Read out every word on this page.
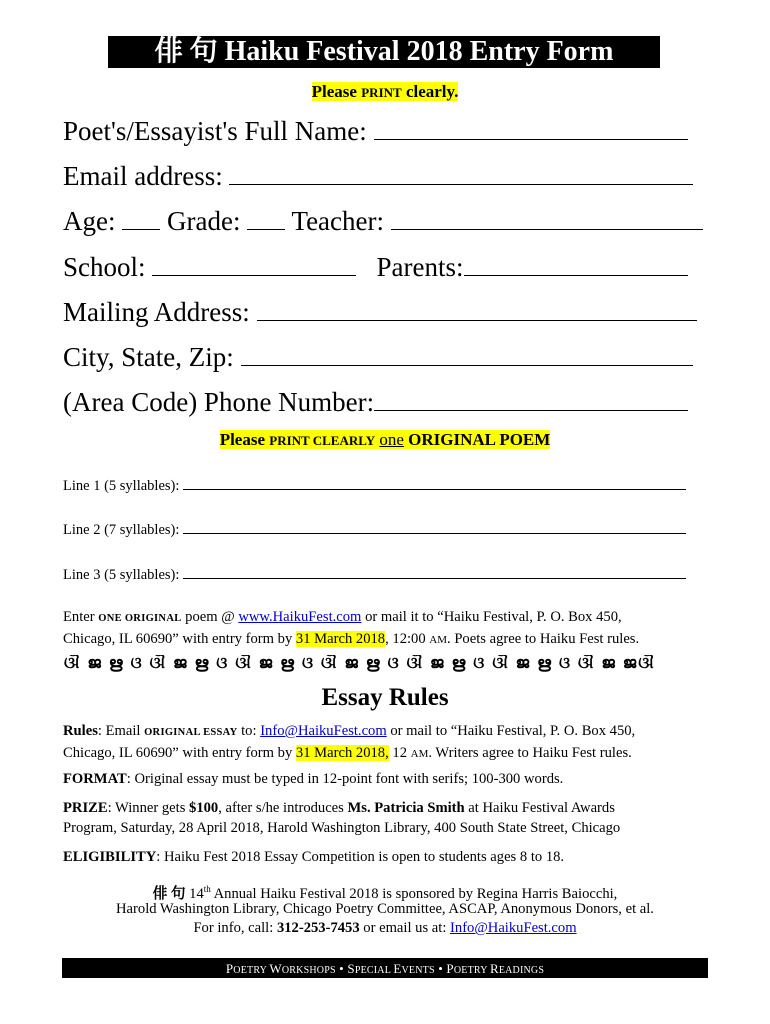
俳 句 Haiku Festival 2018 Entry Form
Please PRINT clearly.
Poet's/Essayist's Full Name:
Email address:
Age: Grade: Teacher:
School:	Parents:
Mailing Address:
City, State, Zip:
(Area Code) Phone Number:
Please PRINT CLEARLY one ORIGINAL POEM
Line 1 (5 syllables):
Line 2 (7 syllables):
Line 3 (5 syllables):
Enter ONE ORIGINAL poem @ www.HaikuFest.com or mail it to “Haiku Festival, P. O. Box 450,
Chicago, IL 60690” with entry form by 31 March 2018, 12:00 AM. Poets agree to Haiku Fest rules.
ଔ ജ ഋ ଓ ଔ ജ ഋ ଓ ଔ ജ ഋ ଓ ଔ ജ ഋ ଓ ଔ ജ ഋ ଓ ଔ ജ ഋ ଓ ଔ ജ ജଔ
Essay Rules
Rules: Email ORIGINAL ESSAY to: Info@HaikuFest.com or mail to “Haiku Festival, P. O. Box 450,
Chicago, IL 60690” with entry form by 31 March 2018, 12 AM. Writers agree to Haiku Fest rules.
FORMAT: Original essay must be typed in 12-point font with serifs; 100-300 words.
PRIZE: Winner gets $100, after s/he introduces Ms. Patricia Smith at Haiku Festival Awards
Program, Saturday, 28 April 2018, Harold Washington Library, 400 South State Street, Chicago
ELIGIBILITY: Haiku Fest 2018 Essay Competition is open to students ages 8 to 18.
俳 句 14th Annual Haiku Festival 2018 is sponsored by Regina Harris Baiocchi,
Harold Washington Library, Chicago Poetry Committee, ASCAP, Anonymous Donors, et al.
For info, call: 312-253-7453 or email us at: Info@HaikuFest.com
POETRY WORKSHOPS • SPECIAL EVENTS • POETRY READINGS
